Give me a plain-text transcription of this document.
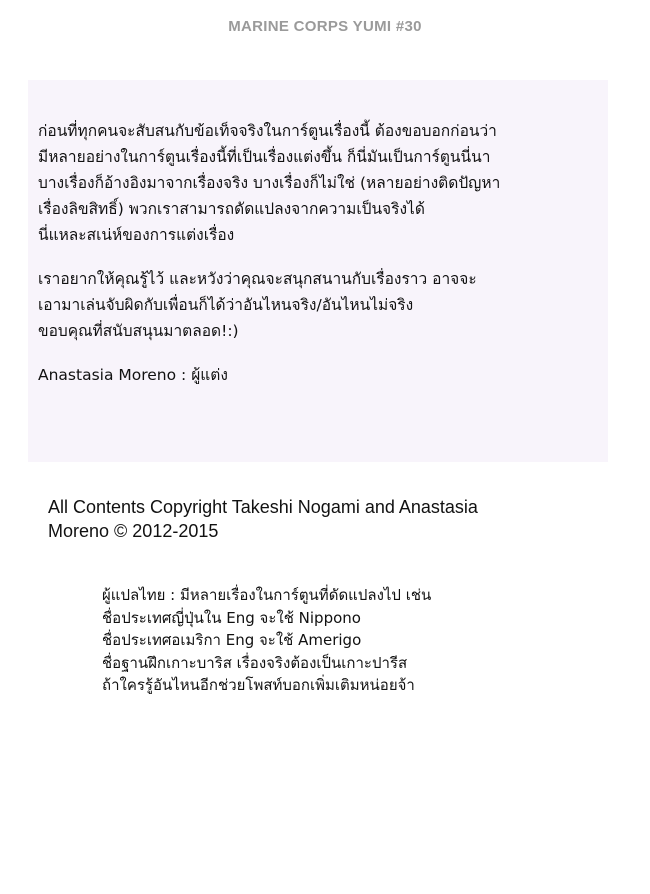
MARINE CORPS YUMI #30

ก่อนที่ทุกคนจะสับสนกับข้อเท็จจริงในการ์ตูนเรื่องนี้ ต้องขอบอกก่อนว่า
มีหลายอย่างในการ์ตูนเรื่องนี้ที่เป็นเรื่องแต่งขึ้น ก็นี่มันเป็นการ์ตูนนี่นา
บางเรื่องก็อ้างอิงมาจากเรื่องจริง บางเรื่องก็ไม่ใช่ (หลายอย่างติดปัญหา
เรื่องลิขสิทธิ์) พวกเราสามารถดัดแปลงจากความเป็นจริงได้
นี่แหละสเน่ห์ของการแต่งเรื่อง

เราอยากให้คุณรู้ไว้ และหวังว่าคุณจะสนุกสนานกับเรื่องราว อาจจะ
เอามาเล่นจับผิดกับเพื่อนก็ได้ว่าอันไหนจริง/อันไหนไม่จริง
ขอบคุณที่สนับสนุนมาตลอด!:)

Anastasia Moreno : ผู้แต่ง

All Contents Copyright Takeshi Nogami and Anastasia
Moreno © 2012-2015
ผู้แปลไทย : มีหลายเรื่องในการ์ตูนที่ดัดแปลงไป เช่น
ชื่อประเทศญี่ปุ่นใน Eng จะใช้ Nippono
ชื่อประเทศอเมริกา Eng จะใช้ Amerigo
ชื่อฐานฝึกเกาะบาริส เรื่องจริงต้องเป็นเกาะปารีส
ถ้าใครรู้อันไหนอีกช่วยโพสท์บอกเพิ่มเติมหน่อยจ้า
